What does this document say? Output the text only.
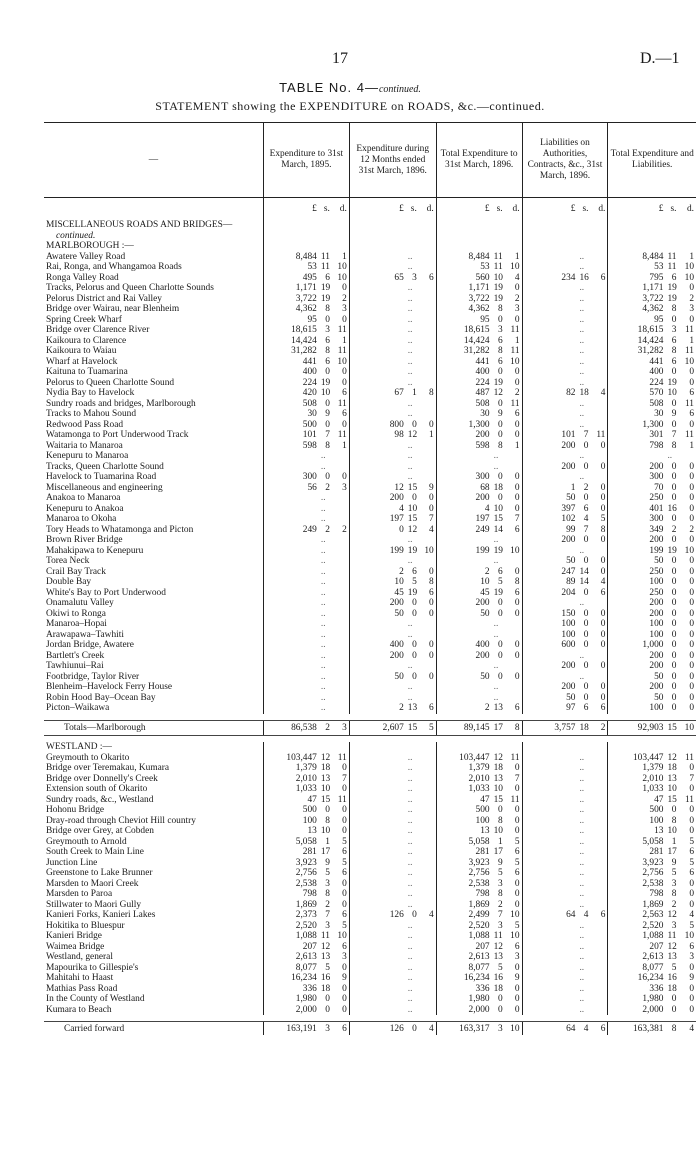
17	D.—1
TABLE No. 4—continued.
STATEMENT showing the EXPENDITURE on ROADS, &c.—continued.
—	Expenditure to 31st March, 1895.			Expenditure during 12 Months ended 31st March, 1896.			Total Expenditure to 31st March, 1896.			Liabilities on Authorities, Contracts, &c., 31st March, 1896.			Total Expenditure and Liabilities.		
	£	s.	d.	£	s.	d.	£	s.	d.	£	s.	d.	£	s.	d.
MISCELLANEOUS ROADS AND BRIDGES—															
continued.															
MARLBOROUGH :—															
Awatere Valley Road	8,484	11	1		..		8,484	11	1		..		8,484	11	1
Rai, Ronga, and Whangamoa Roads	53	11	10		..		53	11	10		..		53	11	10
Ronga Valley Road	495	6	10	65	3	6	560	10	4	234	16	6	795	6	10
Tracks, Pelorus and Queen Charlotte Sounds	1,171	19	0		..		1,171	19	0		..		1,171	19	0
Pelorus District and Rai Valley	3,722	19	2		..		3,722	19	2		..		3,722	19	2
Bridge over Wairau, near Blenheim	4,362	8	3		..		4,362	8	3		..		4,362	8	3
Spring Creek Wharf	95	0	0		..		95	0	0		..		95	0	0
Bridge over Clarence River	18,615	3	11		..		18,615	3	11		..		18,615	3	11
Kaikoura to Clarence	14,424	6	1		..		14,424	6	1		..		14,424	6	1
Kaikoura to Waiau	31,282	8	11		..		31,282	8	11		..		31,282	8	11
Wharf at Havelock	441	6	10		..		441	6	10		..		441	6	10
Kaituna to Tuamarina	400	0	0		..		400	0	0		..		400	0	0
Pelorus to Queen Charlotte Sound	224	19	0		..		224	19	0		..		224	19	0
Nydia Bay to Havelock	420	10	6	67	1	8	487	12	2	82	18	4	570	10	6
Sundry roads and bridges, Marlborough	508	0	11		..		508	0	11		..		508	0	11
Tracks to Mahou Sound	30	9	6		..		30	9	6		..		30	9	6
Redwood Pass Road	500	0	0	800	0	0	1,300	0	0		..		1,300	0	0
Watamonga to Port Underwood Track	101	7	11	98	12	1	200	0	0	101	7	11	301	7	11
Waitaria to Manaroa	598	8	1		..		598	8	1	200	0	0	798	8	1
Kenepuru to Manaroa		..			..			..			..			..	
Tracks, Queen Charlotte Sound		..			..			..		200	0	0	200	0	0
Havelock to Tuamarina Road	300	0	0		..		300	0	0		..		300	0	0
Miscellaneous and engineering	56	2	3	12	15	9	68	18	0	1	2	0	70	0	0
Anakoa to Manaroa		..		200	0	0	200	0	0	50	0	0	250	0	0
Kenepuru to Anakoa		..		4	10	0	4	10	0	397	6	0	401	16	0
Manaroa to Okoha		..		197	15	7	197	15	7	102	4	5	300	0	0
Tory Heads to Whatamonga and Picton	249	2	2	0	12	4	249	14	6	99	7	8	349	2	2
Brown River Bridge		..			..			..		200	0	0	200	0	0
Mahakipawa to Kenepuru		..		199	19	10	199	19	10		..		199	19	10
Torea Neck		..			..			..		50	0	0	50	0	0
Crail Bay Track		..		2	6	0	2	6	0	247	14	0	250	0	0
Double Bay		..		10	5	8	10	5	8	89	14	4	100	0	0
White's Bay to Port Underwood		..		45	19	6	45	19	6	204	0	6	250	0	0
Onamalutu Valley		..		200	0	0	200	0	0		..		200	0	0
Okiwi to Ronga		..		50	0	0	50	0	0	150	0	0	200	0	0
Manaroa–Hopai		..			..			..		100	0	0	100	0	0
Arawapawa–Tawhiti		..			..			..		100	0	0	100	0	0
Jordan Bridge, Awatere		..		400	0	0	400	0	0	600	0	0	1,000	0	0
Bartlett's Creek		..		200	0	0	200	0	0		..		200	0	0
Tawhiunui–Rai		..			..			..		200	0	0	200	0	0
Footbridge, Taylor River		..		50	0	0	50	0	0		..		50	0	0
Blenheim–Havelock Ferry House		..			..			..		200	0	0	200	0	0
Robin Hood Bay–Ocean Bay		..			..			..		50	0	0	50	0	0
Picton–Waikawa		..		2	13	6	2	13	6	97	6	6	100	0	0

Totals—Marlborough	86,538	2	3	2,607	15	5	89,145	17	8	3,757	18	2	92,903	15	10

WESTLAND :—															
Greymouth to Okarito	103,447	12	11		..		103,447	12	11		..		103,447	12	11
Bridge over Teremakau, Kumara	1,379	18	0		..		1,379	18	0		..		1,379	18	0
Bridge over Donnelly's Creek	2,010	13	7		..		2,010	13	7		..		2,010	13	7
Extension south of Okarito	1,033	10	0		..		1,033	10	0		..		1,033	10	0
Sundry roads, &c., Westland	47	15	11		..		47	15	11		..		47	15	11
Hohonu Bridge	500	0	0		..		500	0	0		..		500	0	0
Dray-road through Cheviot Hill country	100	8	0		..		100	8	0		..		100	8	0
Bridge over Grey, at Cobden	13	10	0		..		13	10	0		..		13	10	0
Greymouth to Arnold	5,058	1	5		..		5,058	1	5		..		5,058	1	5
South Creek to Main Line	281	17	6		..		281	17	6		..		281	17	6
Junction Line	3,923	9	5		..		3,923	9	5		..		3,923	9	5
Greenstone to Lake Brunner	2,756	5	6		..		2,756	5	6		..		2,756	5	6
Marsden to Maori Creek	2,538	3	0		..		2,538	3	0		..		2,538	3	0
Marsden to Paroa	798	8	0		..		798	8	0		..		798	8	0
Stillwater to Maori Gully	1,869	2	0		..		1,869	2	0		..		1,869	2	0
Kanieri Forks, Kanieri Lakes	2,373	7	6	126	0	4	2,499	7	10	64	4	6	2,563	12	4
Hokitika to Bluespur	2,520	3	5		..		2,520	3	5		..		2,520	3	5
Kanieri Bridge	1,088	11	10		..		1,088	11	10		..		1,088	11	10
Waimea Bridge	207	12	6		..		207	12	6		..		207	12	6
Westland, general	2,613	13	3		..		2,613	13	3		..		2,613	13	3
Mapourika to Gillespie's	8,077	5	0		..		8,077	5	0		..		8,077	5	0
Mahitahi to Haast	16,234	16	9		..		16,234	16	9		..		16,234	16	9
Mathias Pass Road	336	18	0		..		336	18	0		..		336	18	0
In the County of Westland	1,980	0	0		..		1,980	0	0		..		1,980	0	0
Kumara to Beach	2,000	0	0		..		2,000	0	0		..		2,000	0	0

Carried forward	163,191	3	6	126	0	4	163,317	3	10	64	4	6	163,381	8	4
